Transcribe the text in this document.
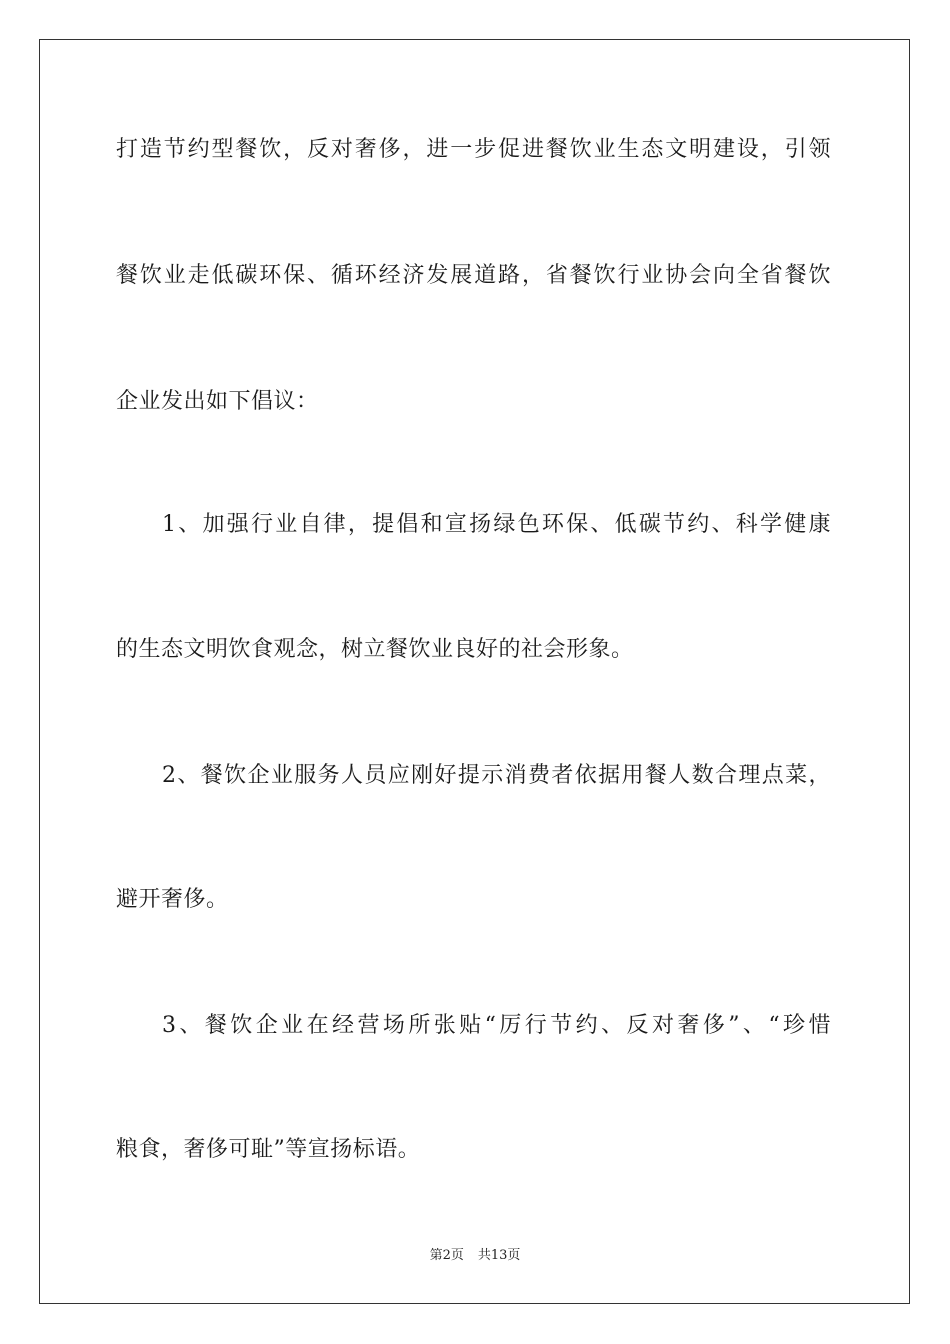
打造节约型餐饮，反对奢侈，进一步促进餐饮业生态文明建设，引领
餐饮业走低碳环保、循环经济发展道路，省餐饮行业协会向全省餐饮
企业发出如下倡议：
1、加强行业自律，提倡和宣扬绿色环保、低碳节约、科学健康
的生态文明饮食观念，树立餐饮业良好的社会形象。
2、餐饮企业服务人员应刚好提示消费者依据用餐人数合理点菜，
避开奢侈。
3、餐饮企业在经营场所张贴“厉行节约、反对奢侈”、“珍惜
粮食，奢侈可耻”等宣扬标语。
第2页 共13页
